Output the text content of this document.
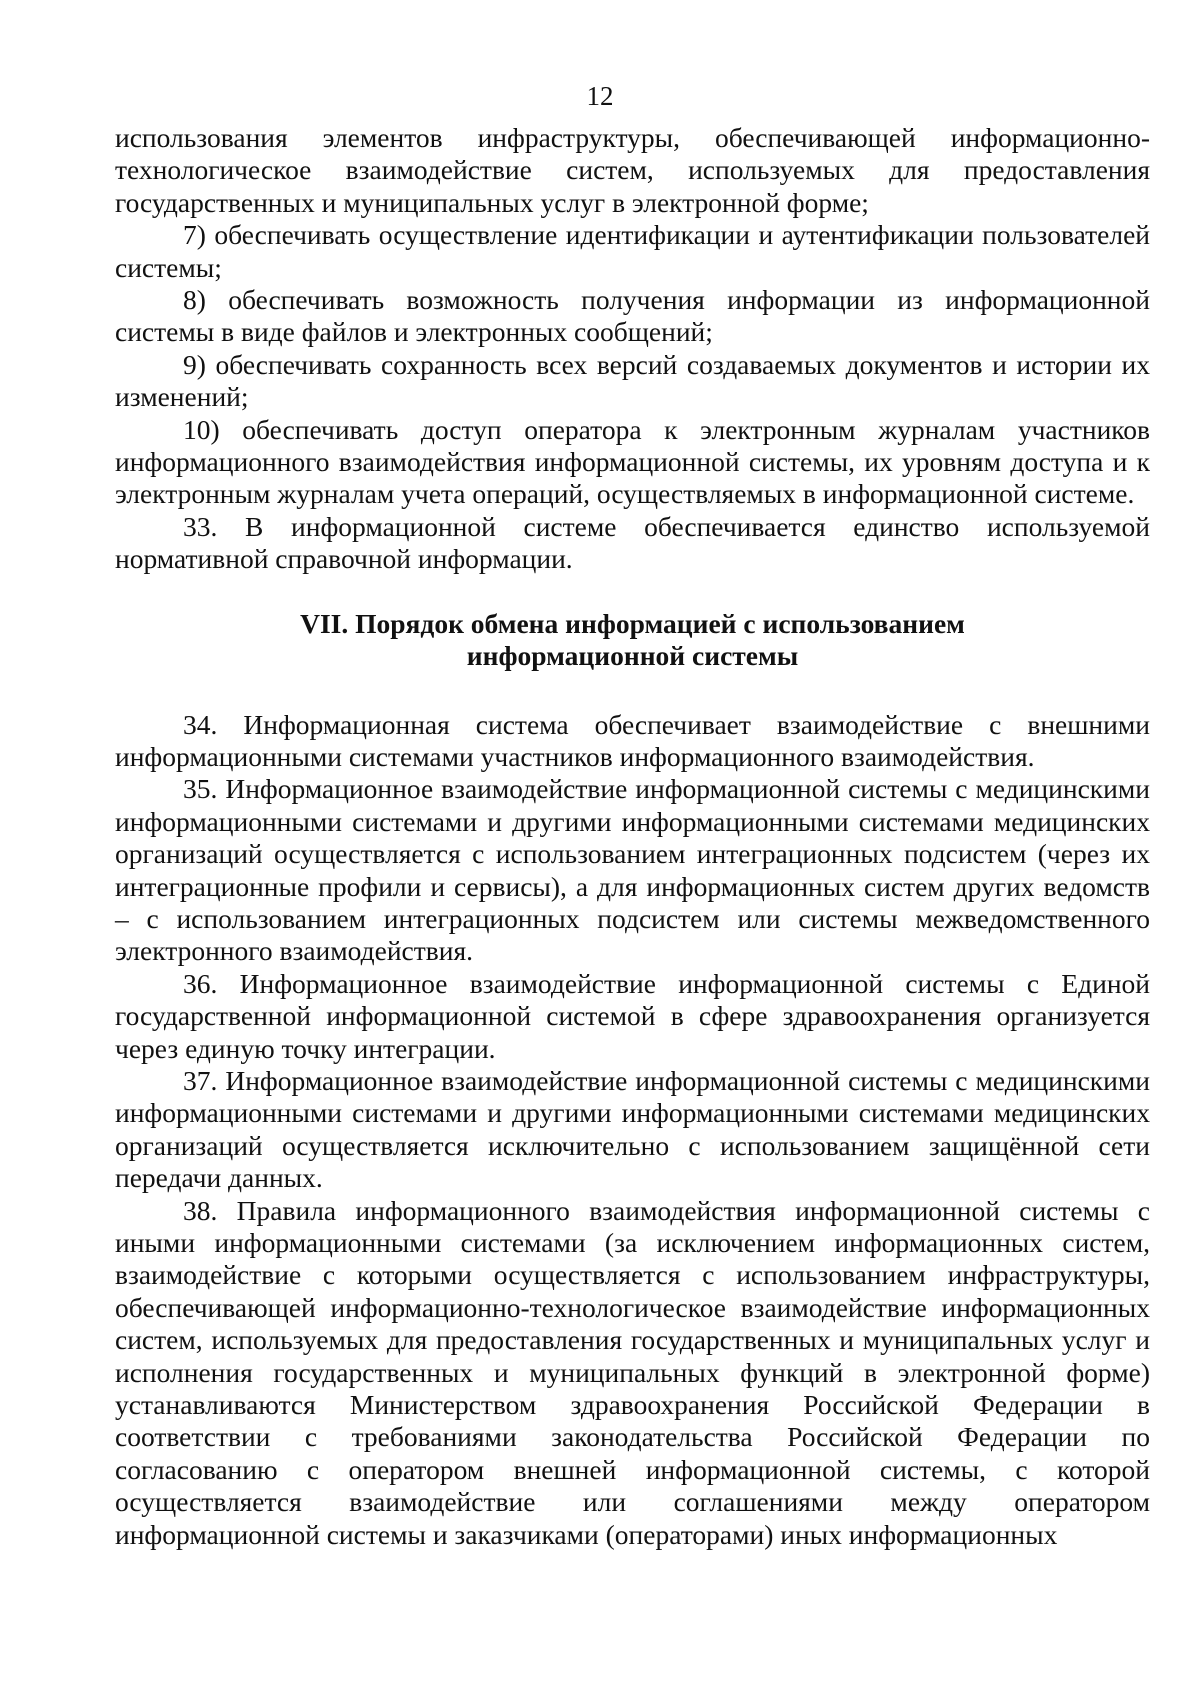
12

использования элементов инфраструктуры, обеспечивающей информационно-технологическое взаимодействие систем, используемых для предоставления государственных и муниципальных услуг в электронной форме;

7) обеспечивать осуществление идентификации и аутентификации пользователей системы;

8) обеспечивать возможность получения информации из информационной системы в виде файлов и электронных сообщений;

9) обеспечивать сохранность всех версий создаваемых документов и истории их изменений;

10) обеспечивать доступ оператора к электронным журналам участников информационного взаимодействия информационной системы, их уровням доступа и к электронным журналам учета операций, осуществляемых в информационной системе.

33. В информационной системе обеспечивается единство используемой нормативной справочной информации.

VII. Порядок обмена информацией с использованием

информационной системы

34. Информационная система обеспечивает взаимодействие с внешними информационными системами участников информационного взаимодействия.

35. Информационное взаимодействие информационной системы с медицинскими информационными системами и другими информационными системами медицинских организаций осуществляется с использованием интеграционных подсистем (через их интеграционные профили и сервисы), а для информационных систем других ведомств – с использованием интеграционных подсистем или системы межведомственного электронного взаимодействия.

36. Информационное взаимодействие информационной системы с Единой государственной информационной системой в сфере здравоохранения организуется через единую точку интеграции.

37. Информационное взаимодействие информационной системы с медицинскими информационными системами и другими информационными системами медицинских организаций осуществляется исключительно с использованием защищённой сети передачи данных.

38. Правила информационного взаимодействия информационной системы с иными информационными системами (за исключением информационных систем, взаимодействие с которыми осуществляется с использованием инфраструктуры, обеспечивающей информационно-технологическое взаимодействие информационных систем, используемых для предоставления государственных и муниципальных услуг и исполнения государственных и муниципальных функций в электронной форме) устанавливаются Министерством здравоохранения Российской Федерации в соответствии с требованиями законодательства Российской Федерации по согласованию с оператором внешней информационной системы, с которой осуществляется взаимодействие или соглашениями между оператором информационной системы и заказчиками (операторами) иных информационных
